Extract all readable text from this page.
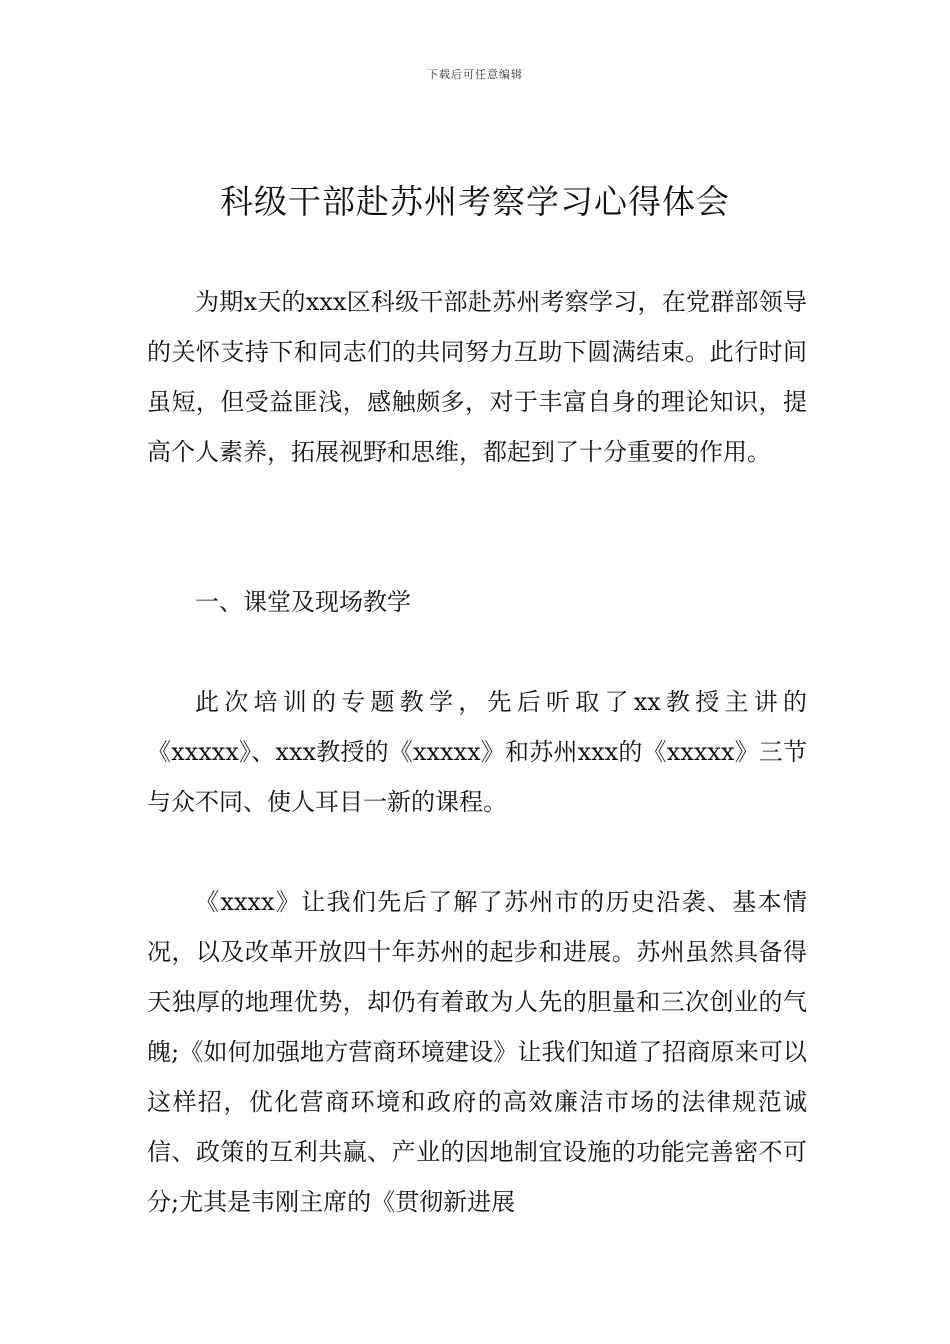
下载后可任意编辑
科级干部赴苏州考察学习心得体会

为期x天的xxx区科级干部赴苏州考察学习，在党群部领导的关怀支持下和同志们的共同努力互助下圆满结束。此行时间虽短，但受益匪浅，感触颇多，对于丰富自身的理论知识，提高个人素养，拓展视野和思维，都起到了十分重要的作用。

一、课堂及现场教学

此次培训的专题教学，先后听取了xx教授主讲的《xxxxx》、xxx教授的《xxxxx》和苏州xxx的《xxxxx》三节与众不同、使人耳目一新的课程。

《xxxx》让我们先后了解了苏州市的历史沿袭、基本情况，以及改革开放四十年苏州的起步和进展。苏州虽然具备得天独厚的地理优势，却仍有着敢为人先的胆量和三次创业的气魄;《如何加强地方营商环境建设》让我们知道了招商原来可以这样招，优化营商环境和政府的高效廉洁市场的法律规范诚信、政策的互利共赢、产业的因地制宜设施的功能完善密不可分;尤其是韦刚主席的《贯彻新进展
